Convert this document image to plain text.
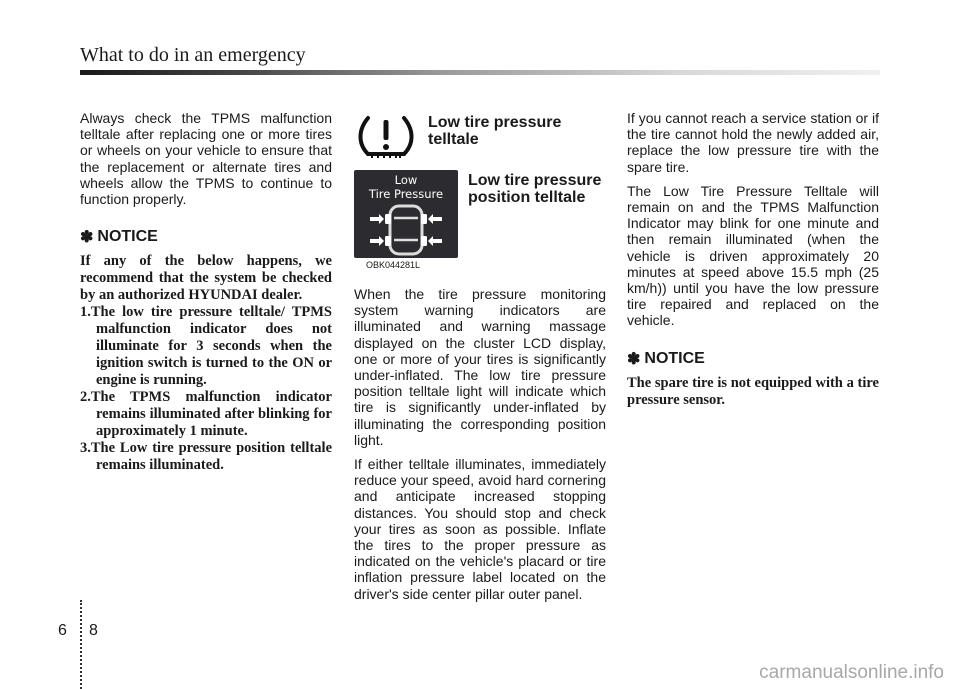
What to do in an emergency

Always check the TPMS malfunction telltale after replacing one or more tires or wheels on your vehicle to ensure that the replacement or alternate tires and wheels allow the TPMS to continue to function properly.

✽ NOTICE

If any of the below happens, we recommend that the system be checked by an authorized HYUNDAI dealer.

1.The low tire pressure telltale/ TPMS malfunction indicator does not illuminate for 3 seconds when the ignition switch is turned to the ON or engine is running.
2.The TPMS malfunction indicator remains illuminated after blinking for approximately 1 minute.
3.The Low tire pressure position telltale remains illuminated.
Low tire pressure telltale
Low
Tire Pressure
Low tire pressure position telltale
OBK044281L

When the tire pressure monitoring system warning indicators are illuminated and warning massage displayed on the cluster LCD display, one or more of your tires is significantly under-inflated. The low tire pressure position telltale light will indicate which tire is significantly under-inflated by illuminating the corresponding position light.

If either telltale illuminates, immediately reduce your speed, avoid hard cornering and anticipate increased stopping distances. You should stop and check your tires as soon as possible. Inflate the tires to the proper pressure as indicated on the vehicle's placard or tire inflation pressure label located on the driver's side center pillar outer panel.

If you cannot reach a service station or if the tire cannot hold the newly added air, replace the low pressure tire with the spare tire.

The Low Tire Pressure Telltale will remain on and the TPMS Malfunction Indicator may blink for one minute and then remain illuminated (when the vehicle is driven approximately 20 minutes at speed above 15.5 mph (25 km/h)) until you have the low pressure tire repaired and replaced on the vehicle.

✽ NOTICE

The spare tire is not equipped with a tire pressure sensor.

6 8
carmanualsonline.info
